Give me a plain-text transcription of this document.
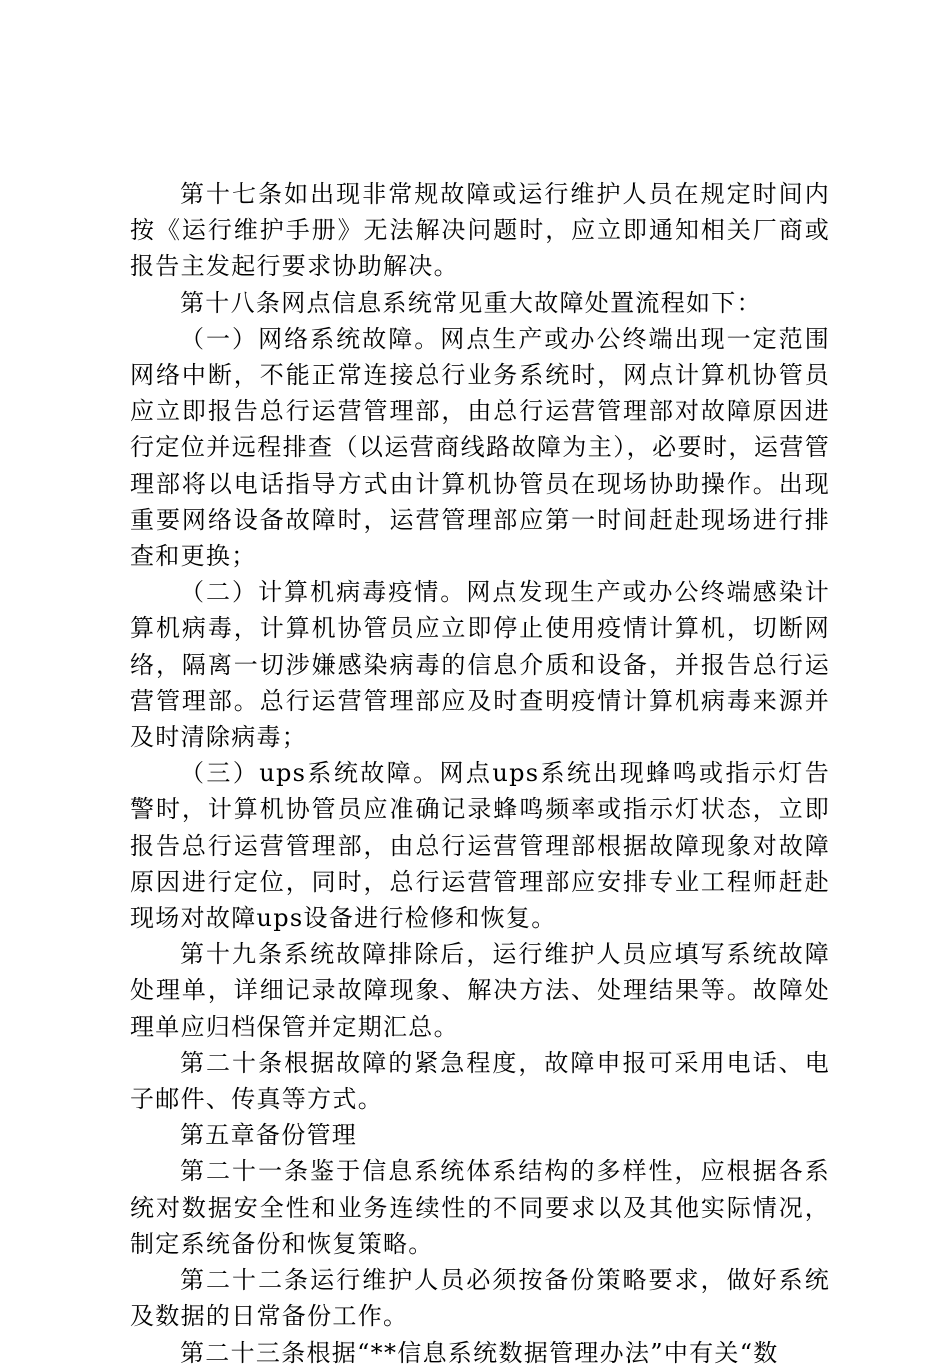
第十七条如出现非常规故障或运行维护人员在规定时间内按《运行维护手册》无法解决问题时，应立即通知相关厂商或报告主发起行要求协助解决。

第十八条网点信息系统常见重大故障处置流程如下：

（一）网络系统故障。网点生产或办公终端出现一定范围网络中断，不能正常连接总行业务系统时，网点计算机协管员应立即报告总行运营管理部，由总行运营管理部对故障原因进行定位并远程排查（以运营商线路故障为主），必要时，运营管理部将以电话指导方式由计算机协管员在现场协助操作。出现重要网络设备故障时，运营管理部应第一时间赶赴现场进行排查和更换；

（二）计算机病毒疫情。网点发现生产或办公终端感染计算机病毒，计算机协管员应立即停止使用疫情计算机，切断网络，隔离一切涉嫌感染病毒的信息介质和设备，并报告总行运营管理部。总行运营管理部应及时查明疫情计算机病毒来源并及时清除病毒；

（三）ups系统故障。网点ups系统出现蜂鸣或指示灯告警时，计算机协管员应准确记录蜂鸣频率或指示灯状态，立即报告总行运营管理部，由总行运营管理部根据故障现象对故障原因进行定位，同时，总行运营管理部应安排专业工程师赶赴现场对故障ups设备进行检修和恢复。

第十九条系统故障排除后，运行维护人员应填写系统故障处理单，详细记录故障现象、解决方法、处理结果等。故障处理单应归档保管并定期汇总。

第二十条根据故障的紧急程度，故障申报可采用电话、电子邮件、传真等方式。

第五章备份管理

第二十一条鉴于信息系统体系结构的多样性，应根据各系统对数据安全性和业务连续性的不同要求以及其他实际情况，制定系统备份和恢复策略。

第二十二条运行维护人员必须按备份策略要求，做好系统及数据的日常备份工作。

第二十三条根据“**信息系统数据管理办法”中有关“数
